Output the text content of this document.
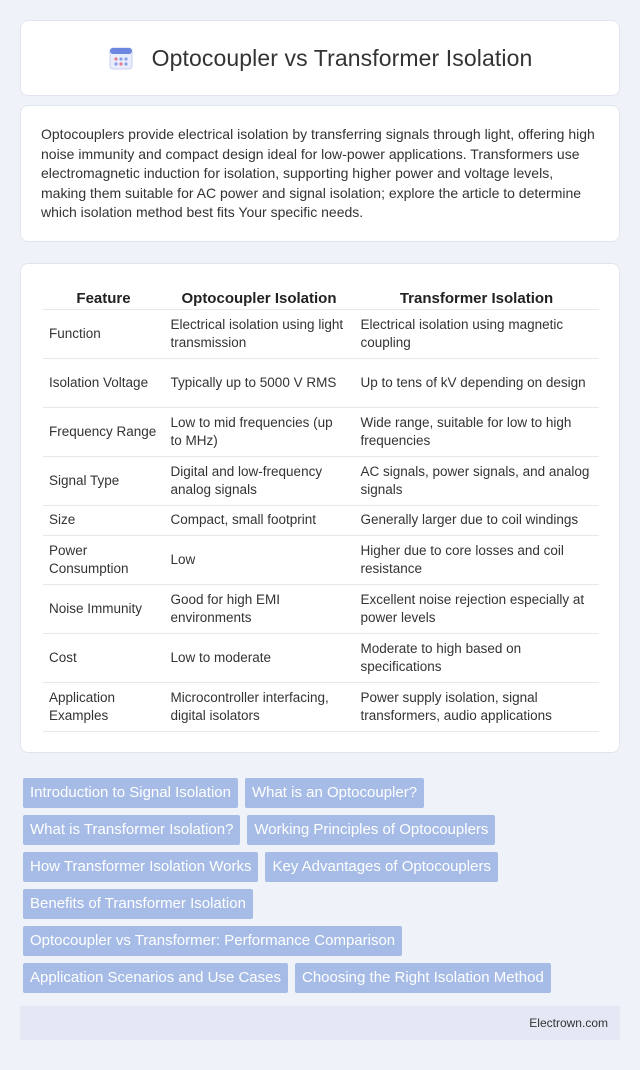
Optocoupler vs Transformer Isolation

Optocouplers provide electrical isolation by transferring signals through light, offering high noise immunity and compact design ideal for low-power applications. Transformers use electromagnetic induction for isolation, supporting higher power and voltage levels, making them suitable for AC power and signal isolation; explore the article to determine which isolation method best fits Your specific needs.

Feature	Optocoupler Isolation	Transformer Isolation
Function	Electrical isolation using light transmission	Electrical isolation using magnetic coupling
Isolation Voltage	Typically up to 5000 V RMS	Up to tens of kV depending on design
Frequency Range	Low to mid frequencies (up to MHz)	Wide range, suitable for low to high frequencies
Signal Type	Digital and low-frequency analog signals	AC signals, power signals, and analog signals
Size	Compact, small footprint	Generally larger due to coil windings
Power Consumption	Low	Higher due to core losses and coil resistance
Noise Immunity	Good for high EMI environments	Excellent noise rejection especially at power levels
Cost	Low to moderate	Moderate to high based on specifications
Application Examples	Microcontroller interfacing, digital isolators	Power supply isolation, signal transformers, audio applications
Introduction to Signal Isolation	What is an Optocoupler?
What is Transformer Isolation?	Working Principles of Optocouplers
How Transformer Isolation Works	Key Advantages of Optocouplers
Benefits of Transformer Isolation
Optocoupler vs Transformer: Performance Comparison
Application Scenarios and Use Cases	Choosing the Right Isolation Method
Electrown.com
